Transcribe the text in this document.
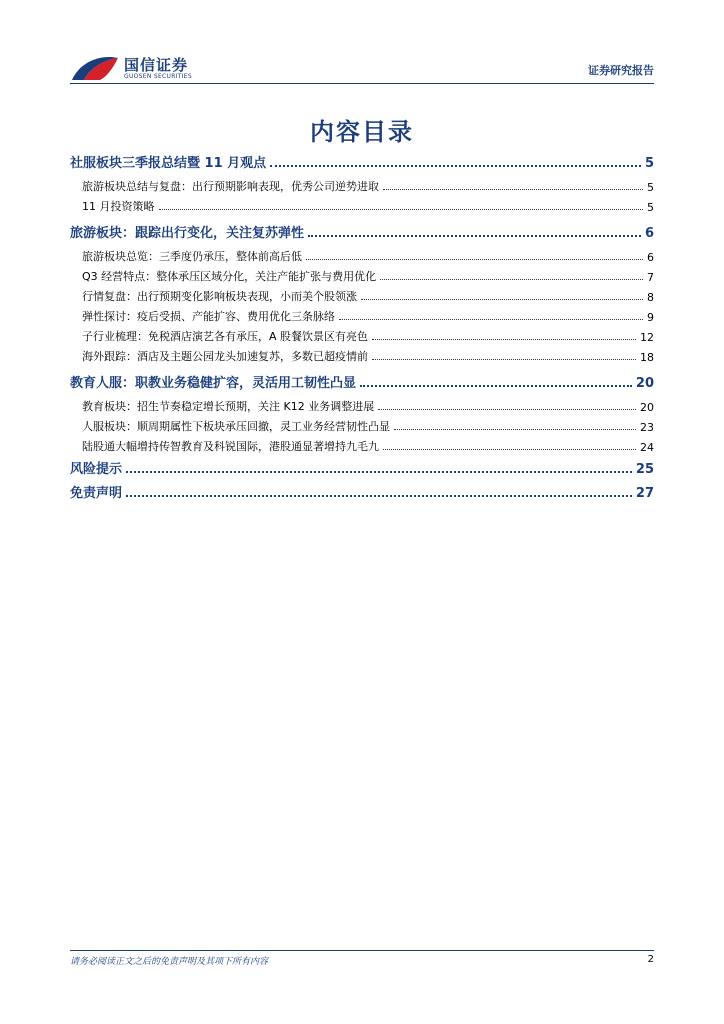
国信证券
GUOSEN SECURITIES	证券研究报告
内容目录
社服板块三季报总结暨 11 月观点	5
旅游板块总结与复盘：出行预期影响表现，优秀公司逆势进取	5
11 月投资策略	5
旅游板块：跟踪出行变化，关注复苏弹性	6
旅游板块总览：三季度仍承压，整体前高后低	6
Q3 经营特点：整体承压区域分化，关注产能扩张与费用优化	7
行情复盘：出行预期变化影响板块表现，小而美个股领涨	8
弹性探讨：疫后受损、产能扩容、费用优化三条脉络	9
子行业梳理：免税酒店演艺各有承压，A 股餐饮景区有亮色	12
海外跟踪：酒店及主题公园龙头加速复苏，多数已超疫情前	18
教育人服：职教业务稳健扩容，灵活用工韧性凸显	20
教育板块：招生节奏稳定增长预期，关注 K12 业务调整进展	20
人服板块：顺周期属性下板块承压回撤，灵工业务经营韧性凸显	23
陆股通大幅增持传智教育及科锐国际，港股通显著增持九毛九	24
风险提示	25
免责声明	27
请务必阅读正文之后的免责声明及其项下所有内容	2
